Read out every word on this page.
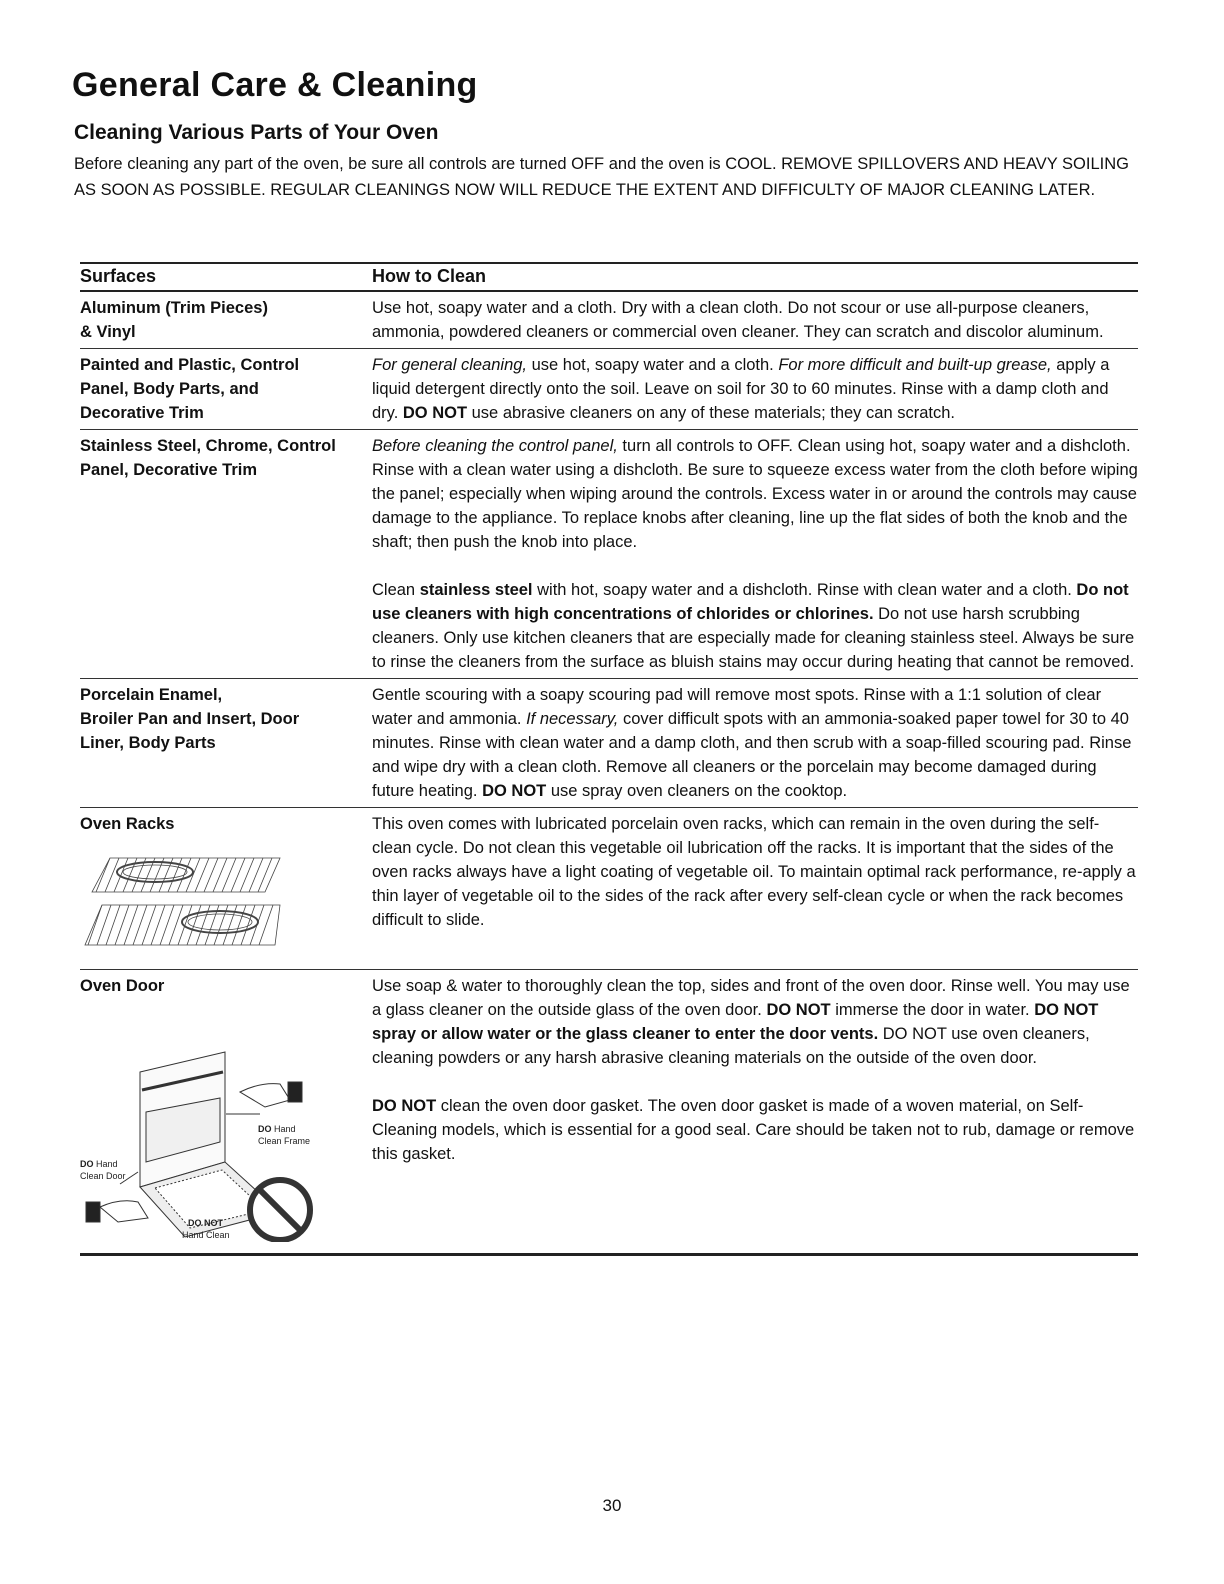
General Care & Cleaning
Cleaning Various Parts of Your Oven

Before cleaning any part of the oven, be sure all controls are turned OFF and the oven is COOL. REMOVE SPILLOVERS AND HEAVY SOILING AS SOON AS POSSIBLE. REGULAR CLEANINGS NOW WILL REDUCE THE EXTENT AND DIFFICULTY OF MAJOR CLEANING LATER.

Surfaces	How to Clean
Aluminum (Trim Pieces)
& Vinyl

Use hot, soapy water and a cloth. Dry with a clean cloth. Do not scour or use all-purpose cleaners, ammonia, powdered cleaners or commercial oven cleaner. They can scratch and discolor aluminum.

Painted and Plastic, Control
Panel, Body Parts, and
Decorative Trim

For general cleaning, use hot, soapy water and a cloth. For more difficult and built-up grease, apply a liquid detergent directly onto the soil. Leave on soil for 30 to 60 minutes. Rinse with a damp cloth and dry. DO NOT use abrasive cleaners on any of these materials; they can scratch.

Stainless Steel, Chrome, Control
Panel, Decorative Trim

Before cleaning the control panel, turn all controls to OFF. Clean using hot, soapy water and a dishcloth. Rinse with a clean water using a dishcloth. Be sure to squeeze excess water from the cloth before wiping the panel; especially when wiping around the controls. Excess water in or around the controls may cause damage to the appliance. To replace knobs after cleaning, line up the flat sides of both the knob and the shaft; then push the knob into place.

Clean stainless steel with hot, soapy water and a dishcloth. Rinse with clean water and a cloth. Do not use cleaners with high concentrations of chlorides or chlorines. Do not use harsh scrubbing cleaners. Only use kitchen cleaners that are especially made for cleaning stainless steel. Always be sure to rinse the cleaners from the surface as bluish stains may occur during heating that cannot be removed.

Porcelain Enamel,
Broiler Pan and Insert, Door
Liner, Body Parts

Gentle scouring with a soapy scouring pad will remove most spots. Rinse with a 1:1 solution of clear water and ammonia. If necessary, cover difficult spots with an ammonia-soaked paper towel for 30 to 40 minutes. Rinse with clean water and a damp cloth, and then scrub with a soap-filled scouring pad. Rinse and wipe dry with a clean cloth. Remove all cleaners or the porcelain may become damaged during future heating. DO NOT use spray oven cleaners on the cooktop.

Oven Racks	This oven comes with lubricated porcelain oven racks, which can remain in the oven during the self-clean cycle. Do not clean this vegetable oil lubrication off the racks. It is important that the sides of the oven racks always have a light coating of vegetable oil. To maintain optimal rack performance, re-apply a thin layer of vegetable oil to the sides of the rack after every self-clean cycle or when the rack becomes difficult to slide.

Oven Door
DO Hand
Clean Frame
DO Hand
Clean Door
DO NOT
Hand Clean

Use soap & water to thoroughly clean the top, sides and front of the oven door. Rinse well. You may use a glass cleaner on the outside glass of the oven door. DO NOT immerse the door in water. DO NOT spray or allow water or the glass cleaner to enter the door vents. DO NOT use oven cleaners, cleaning powders or any harsh abrasive cleaning materials on the outside of the oven door.

DO NOT clean the oven door gasket. The oven door gasket is made of a woven material, on Self-Cleaning models, which is essential for a good seal. Care should be taken not to rub, damage or remove this gasket.

30
